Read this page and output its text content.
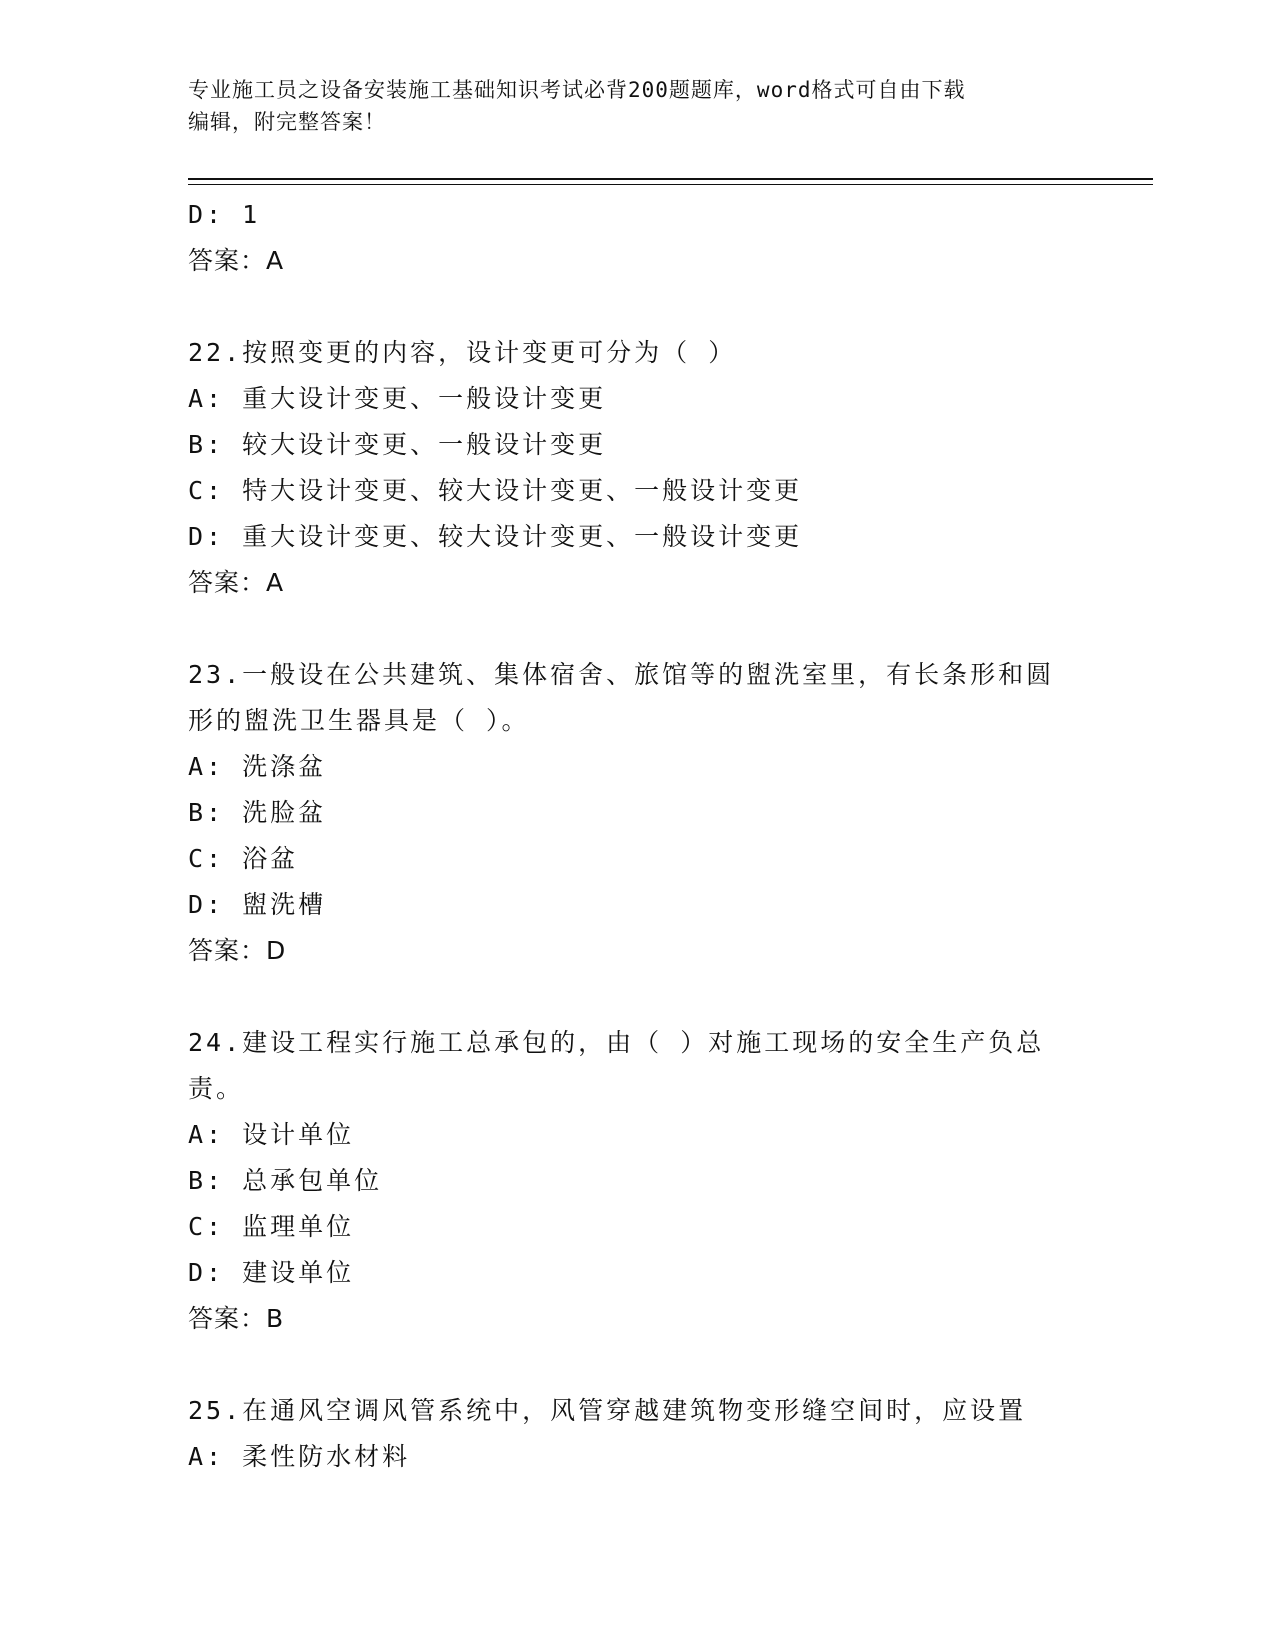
专业施工员之设备安装施工基础知识考试必背200题题库，word格式可自由下载
编辑，附完整答案！
D: 1
答案：A
22.按照变更的内容，设计变更可分为（ ）
A: 重大设计变更、一般设计变更
B: 较大设计变更、一般设计变更
C: 特大设计变更、较大设计变更、一般设计变更
D: 重大设计变更、较大设计变更、一般设计变更
答案：A
23.一般设在公共建筑、集体宿舍、旅馆等的盥洗室里，有长条形和圆
形的盥洗卫生器具是（ ）。
A: 洗涤盆
B: 洗脸盆
C: 浴盆
D: 盥洗槽
答案：D
24.建设工程实行施工总承包的，由（ ）对施工现场的安全生产负总
责。
A: 设计单位
B: 总承包单位
C: 监理单位
D: 建设单位
答案：B
25.在通风空调风管系统中，风管穿越建筑物变形缝空间时，应设置
A: 柔性防水材料
